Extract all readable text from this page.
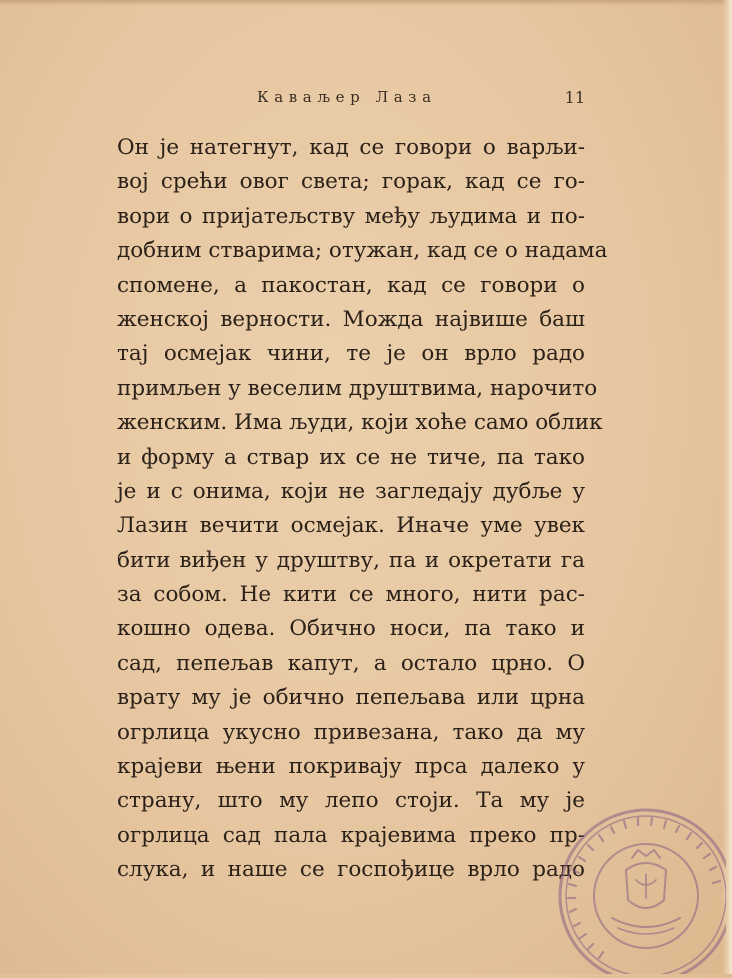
Каваљер Лаза	11
Он је натегнут, кад се говори о варљи-
вој срећи овог света; горак, кад се го-
вори о пријатељству међу људима и по-
добним стварима; отужан, кад се о надама
спомене, а пакостан, кад се говори о
женској верности. Можда највише баш
тај осмејак чини, те је он врло радо
примљен у веселим друштвима, нарочито
женским. Има људи, који хоће само облик
и форму а ствар их се не тиче, па тако
је и с онима, који не загледају дубље у
Лазин вечити осмејак. Иначе уме увек
бити виђен у друштву, па и окретати га
за собом. Не кити се много, нити рас-
кошно одева. Обично носи, па тако и
сад, пепељав капут, а остало црно. О
врату му је обично пепељава или црна
огрлица укусно привезана, тако да му
крајеви њени покривају прса далеко у
страну, што му лепо стоји. Та му је
огрлица сад пала крајевима преко пр-
слука, и наше се госпођице врло радо
